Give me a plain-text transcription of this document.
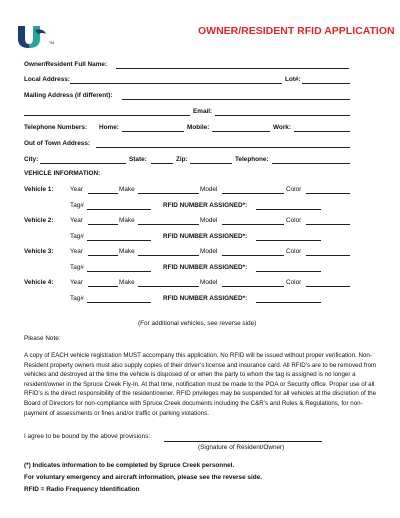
TM
OWNER/RESIDENT RFID APPLICATION
Owner/Resident Full Name:
Local Address:	Lot#:
Mailing Address (if different):
Email:
Telephone Numbers: Home:	Mobile:	Work:
Out of Town Address:
City:	State:	Zip:	Telephone:
VEHICLE INFORMATION:
Vehicle 1:	Year	Make	Model	Color
Tag#	RFID NUMBER ASSIGNED*:
Vehicle 2:	Year	Make	Model	Color
Tag#	RFID NUMBER ASSIGNED*:
Vehicle 3:	Year	Make	Model	Color
Tag#	RFID NUMBER ASSIGNED*:
Vehicle 4:	Year	Make	Model	Color
Tag#	RFID NUMBER ASSIGNED*:
(For additional vehicles, see reverse side)
Please Note:
A copy of EACH vehicle registration MUST accompany this application. No RFID will be issued without proper verification. Non-Resident property owners must also supply copies of their driver’s license and insurance card. All RFID’s are to be removed from vehicles and destroyed at the time the vehicle is disposed of or when the party to whom the tag is assigned is no longer a resident/owner in the Spruce Creek Fly-In. At that time, notification must be made to the POA or Security office. Proper use of all RFID’s is the direct responsibility of the resident/owner. RFID privileges may be suspended for all vehicles at the discretion of the Board of Directors for non-compliance with Spruce Creek documents including the C&R’s and Rules & Regulations, for non-payment of assessments or fines and/or traffic or parking violations.
I agree to be bound by the above provisions:
(Signature of Resident/Owner)
(*) Indicates information to be completed by Spruce Creek personnel.
For voluntary emergency and aircraft information, please see the reverse side.
RFID = Radio Frequency Identification
